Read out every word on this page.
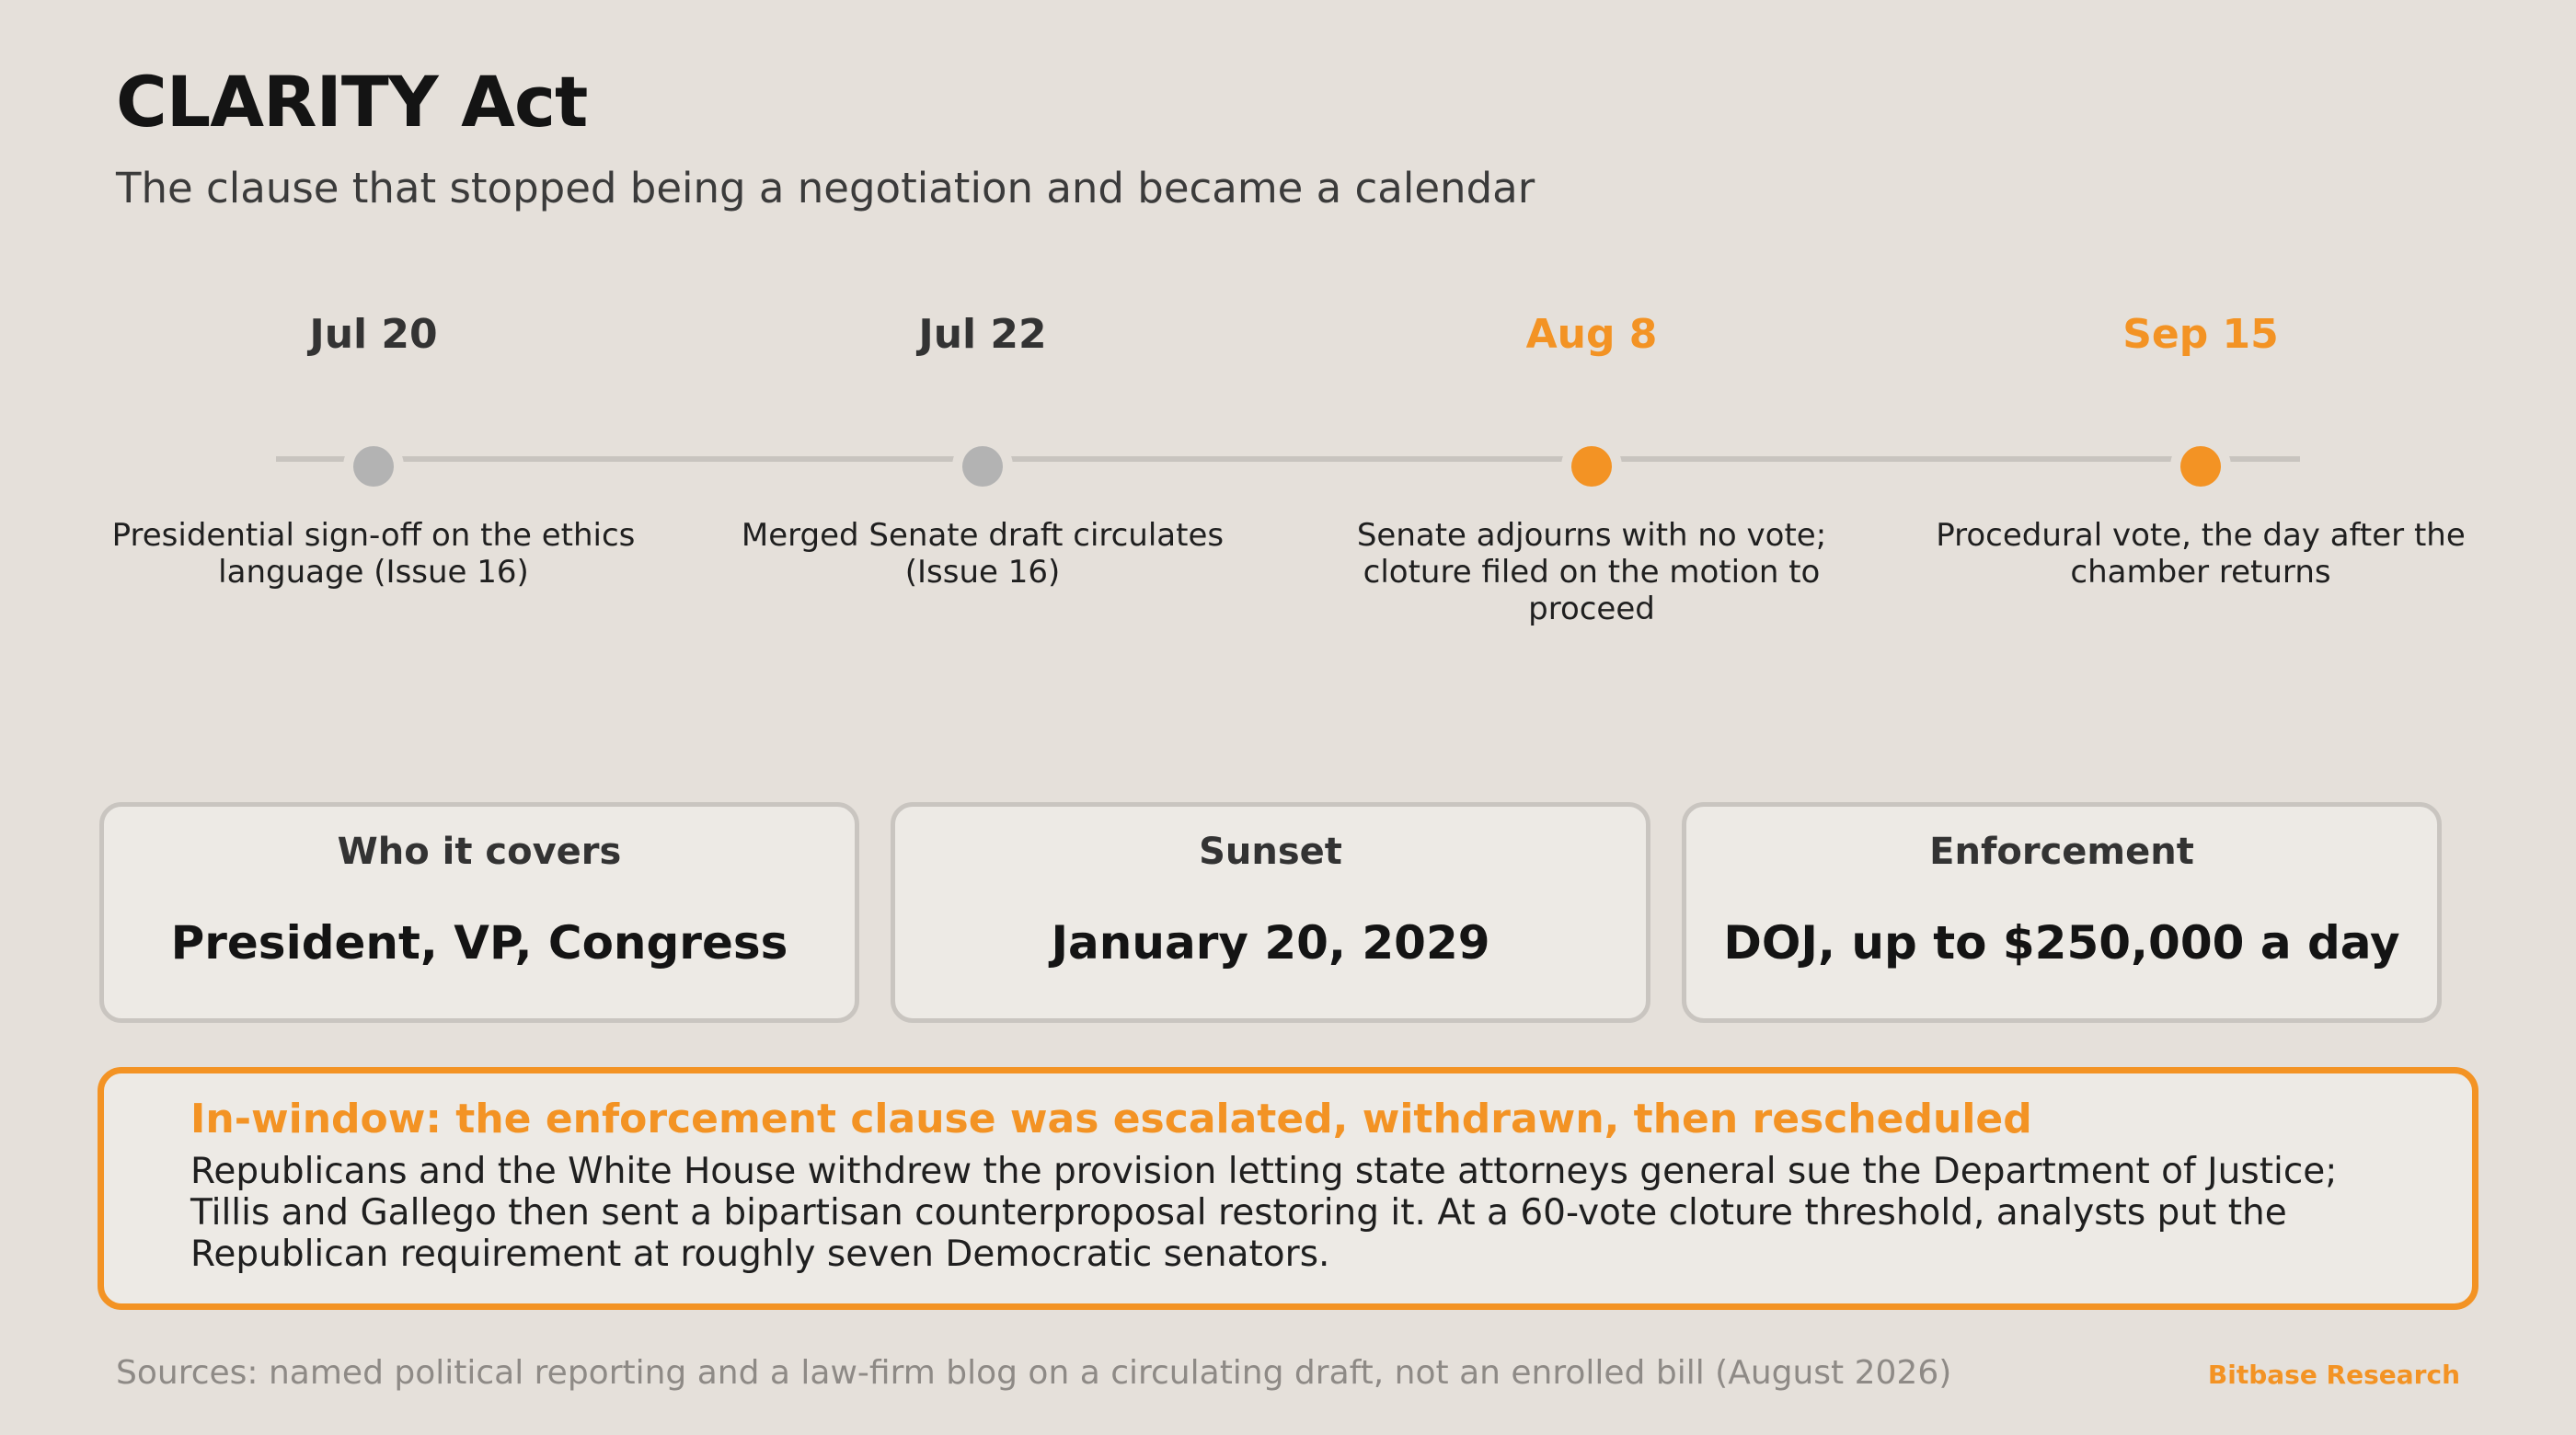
CLARITY Act
The clause that stopped being a negotiation and became a calendar
Jul 20
Presidential sign-off on the ethics language (Issue 16)
Jul 22
Merged Senate draft circulates (Issue 16)
Aug 8
Senate adjourns with no vote; cloture filed on the motion to proceed
Sep 15
Procedural vote, the day after the chamber returns
Who it covers
President, VP, Congress
Sunset
January 20, 2029
Enforcement
DOJ, up to $250,000 a day
In-window: the enforcement clause was escalated, withdrawn, then rescheduled
Republicans and the White House withdrew the provision letting state attorneys general sue the Department of Justice; Tillis and Gallego then sent a bipartisan counterproposal restoring it. At a 60-vote cloture threshold, analysts put the Republican requirement at roughly seven Democratic senators.
Sources: named political reporting and a law-firm blog on a circulating draft, not an enrolled bill (August 2026)	Bitbase Research
